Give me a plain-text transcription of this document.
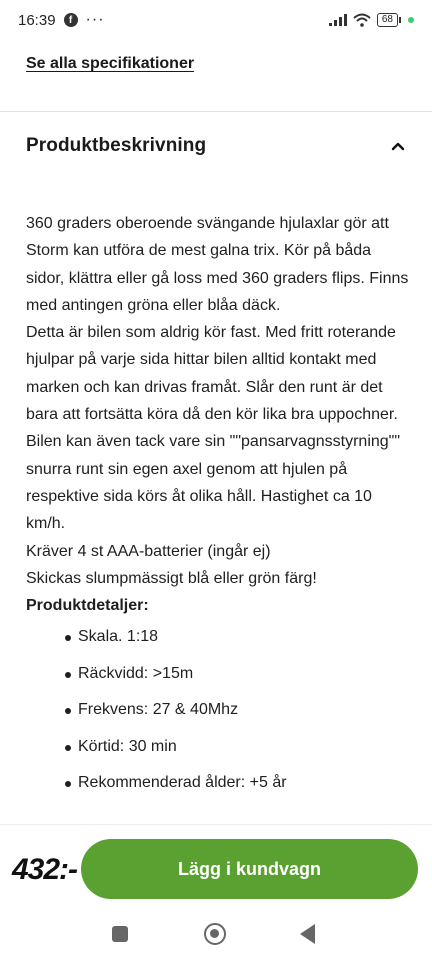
16:39	f ···	68
Se alla specifikationer
Produktbeskrivning

360 graders oberoende svängande hjulaxlar gör att Storm kan utföra de mest galna trix. Kör på båda sidor, klättra eller gå loss med 360 graders flips. Finns med antingen gröna eller blåa däck.

Detta är bilen som aldrig kör fast. Med fritt roterande hjulpar på varje sida hittar bilen alltid kontakt med marken och kan drivas framåt. Slår den runt är det bara att fortsätta köra då den kör lika bra uppochner. Bilen kan även tack vare sin ""pansarvagnsstyrning"" snurra runt sin egen axel genom att hjulen på respektive sida körs åt olika håll. Hastighet ca 10 km/h.

Kräver 4 st AAA-batterier (ingår ej)

Skickas slumpmässigt blå eller grön färg!

Produktdetaljer:

Skala. 1:18
Räckvidd: >15m
Frekvens: 27 & 40Mhz
Körtid: 30 min
Rekommenderad ålder: +5 år
432:-	Lägg i kundvagn
